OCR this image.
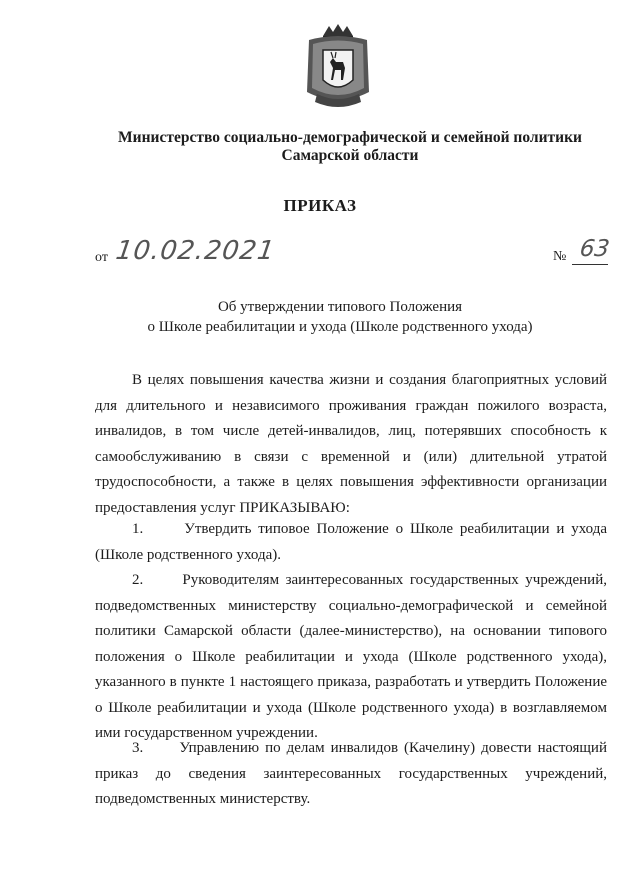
Министерство социально-демографической и семейной политики
Самарской области
ПРИКАЗ
от 10.02.2021	№ 63
Об утверждении типового Положения
о Школе реабилитации и ухода (Школе родственного ухода)

В целях повышения качества жизни и создания благоприятных условий для длительного и независимого проживания граждан пожилого возраста, инвалидов, в том числе детей-инвалидов, лиц, потерявших способность к самообслуживанию в связи с временной и (или) длительной утратой трудоспособности, а также в целях повышения эффективности организации предоставления услуг ПРИКАЗЫВАЮ:

1.      Утвердить типовое Положение о Школе реабилитации и ухода (Школе родственного ухода).

2.      Руководителям заинтересованных государственных учреждений, подведомственных министерству социально-демографической и семейной политики Самарской области (далее-министерство), на основании типового положения о Школе реабилитации и ухода (Школе родственного ухода), указанного в пункте 1 настоящего приказа, разработать и утвердить Положение о Школе реабилитации и ухода (Школе родственного ухода) в возглавляемом ими государственном учреждении.

3.      Управлению по делам инвалидов (Качелину) довести настоящий приказ до сведения заинтересованных государственных учреждений, подведомственных министерству.
